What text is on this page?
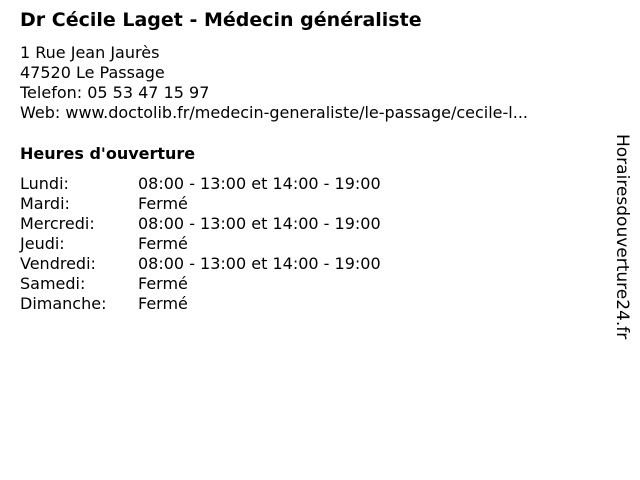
Dr Cécile Laget - Médecin généraliste
1 Rue Jean Jaurès
47520 Le Passage
Telefon: 05 53 47 15 97
Web: www.doctolib.fr/medecin-generaliste/le-passage/cecile-l...
Heures d'ouverture
Lundi:	08:00 - 13:00 et 14:00 - 19:00
Mardi:	Fermé
Mercredi:	08:00 - 13:00 et 14:00 - 19:00
Jeudi:	Fermé
Vendredi:	08:00 - 13:00 et 14:00 - 19:00
Samedi:	Fermé
Dimanche: Fermé	Horairesdouverture24.fr
